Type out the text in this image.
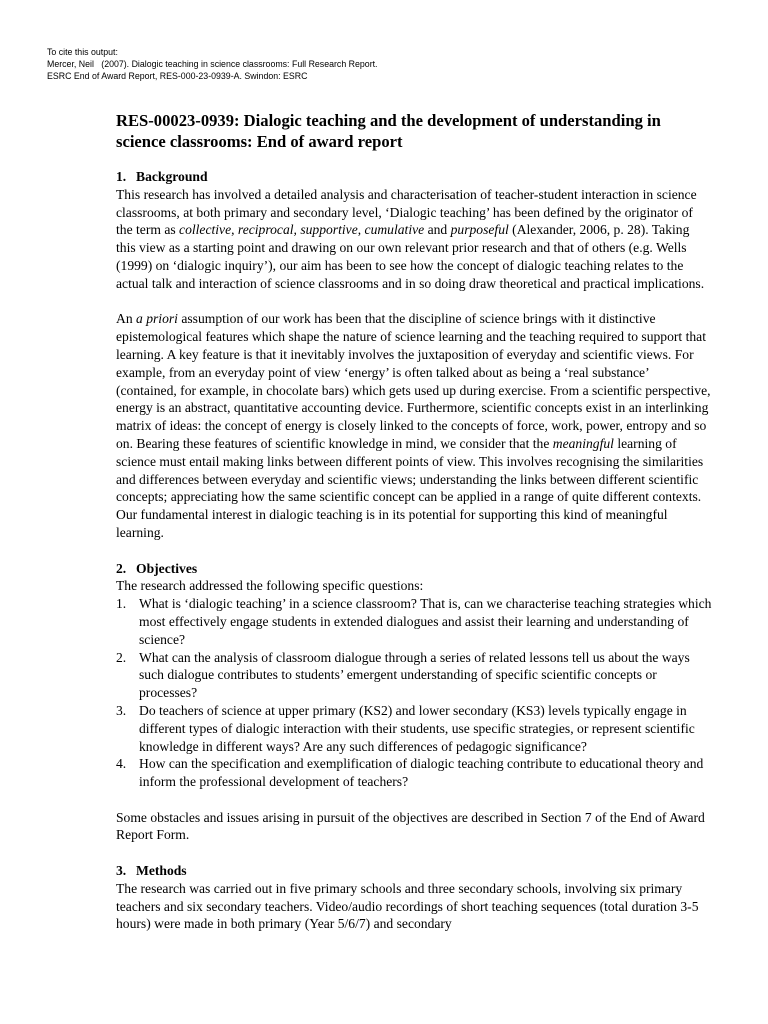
To cite this output:
Mercer, Neil   (2007). Dialogic teaching in science classrooms: Full Research Report.
ESRC End of Award Report, RES-000-23-0939-A. Swindon: ESRC
RES-00023-0939: Dialogic teaching and the development of understanding in science classrooms: End of award report
1. Background

This research has involved a detailed analysis and characterisation of teacher-student interaction in science classrooms, at both primary and secondary level, ‘Dialogic teaching’ has been defined by the originator of the term as collective, reciprocal, supportive, cumulative and purposeful (Alexander, 2006, p. 28). Taking this view as a starting point and drawing on our own relevant prior research and that of others (e.g. Wells (1999) on ‘dialogic inquiry’), our aim has been to see how the concept of dialogic teaching relates to the actual talk and interaction of science classrooms and in so doing draw theoretical and practical implications.

An a priori assumption of our work has been that the discipline of science brings with it distinctive epistemological features which shape the nature of science learning and the teaching required to support that learning. A key feature is that it inevitably involves the juxtaposition of everyday and scientific views. For example, from an everyday point of view ‘energy’ is often talked about as being a ‘real substance’ (contained, for example, in chocolate bars) which gets used up during exercise. From a scientific perspective, energy is an abstract, quantitative accounting device. Furthermore, scientific concepts exist in an interlinking matrix of ideas: the concept of energy is closely linked to the concepts of force, work, power, entropy and so on. Bearing these features of scientific knowledge in mind, we consider that the meaningful learning of science must entail making links between different points of view. This involves recognising the similarities and differences between everyday and scientific views; understanding the links between different scientific concepts; appreciating how the same scientific concept can be applied in a range of quite different contexts. Our fundamental interest in dialogic teaching is in its potential for supporting this kind of meaningful learning.

2. Objectives

The research addressed the following specific questions:

1. What is ‘dialogic teaching’ in a science classroom? That is, can we characterise teaching strategies which most effectively engage students in extended dialogues and assist their learning and understanding of science?
2. What can the analysis of classroom dialogue through a series of related lessons tell us about the ways such dialogue contributes to students’ emergent understanding of specific scientific concepts or processes?
3. Do teachers of science at upper primary (KS2) and lower secondary (KS3) levels typically engage in different types of dialogic interaction with their students, use specific strategies, or represent scientific knowledge in different ways? Are any such differences of pedagogic significance?
4. How can the specification and exemplification of dialogic teaching contribute to educational theory and inform the professional development of teachers?

Some obstacles and issues arising in pursuit of the objectives are described in Section 7 of the End of Award Report Form.

3. Methods

The research was carried out in five primary schools and three secondary schools, involving six primary teachers and six secondary teachers. Video/audio recordings of short teaching sequences (total duration 3-5 hours) were made in both primary (Year 5/6/7) and secondary
